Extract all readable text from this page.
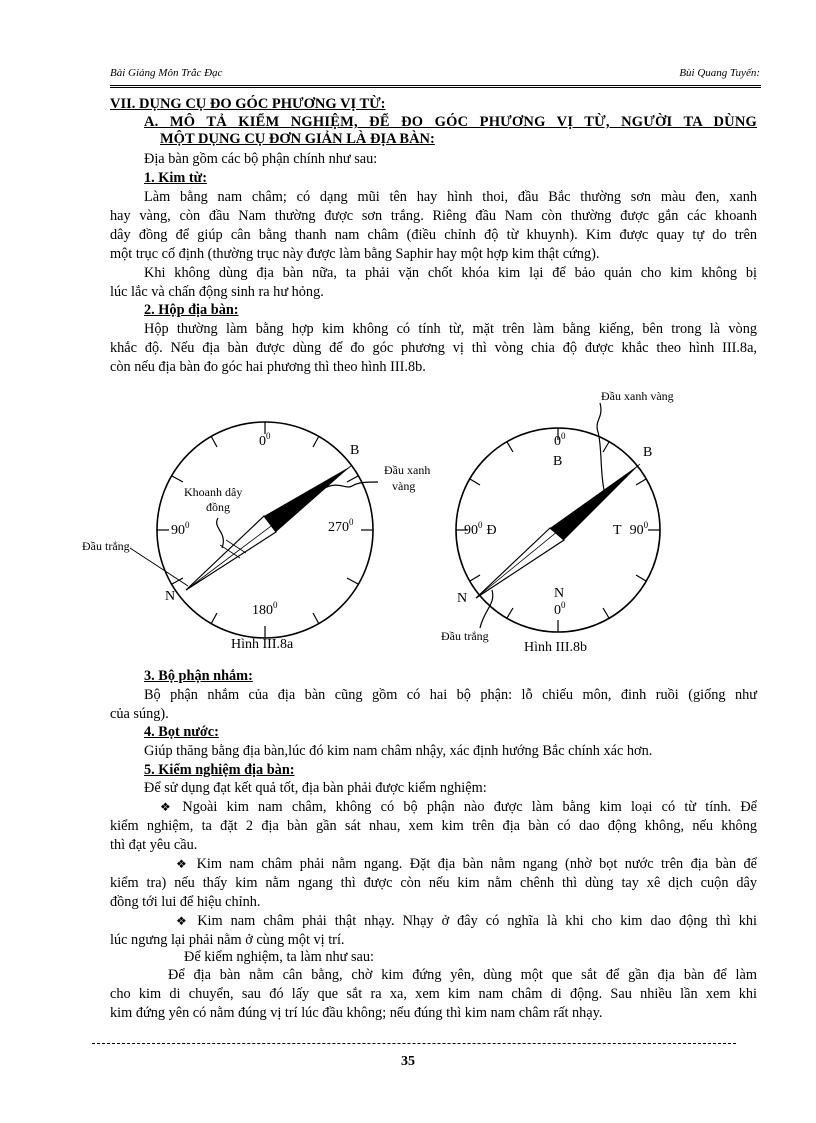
Bài Giảng Môn Trắc Đạc	Bùi Quang Tuyến:
VII. DỤNG CỤ ĐO GÓC PHƯƠNG VỊ TỪ:
A. MÔ TẢ KIỂM NGHIỆM, ĐỂ ĐO GÓC PHƯƠNG VỊ TỪ, NGƯỜI TA DÙNG
MỘT DỤNG CỤ ĐƠN GIẢN LÀ ĐỊA BÀN:
Địa bàn gồm các bộ phận chính như sau:
1. Kim từ:
Làm bằng nam châm; có dạng mũi tên hay hình thoi, đầu Bắc thường sơn màu đen, xanh
hay vàng, còn đầu Nam thường được sơn trắng. Riêng đầu Nam còn thường được gắn các khoanh
dây đồng để giúp cân bằng thanh nam châm (điều chỉnh độ từ khuynh). Kim được quay tự do trên
một trục cố định (thường trục này được làm bằng Saphir hay một hợp kim thật cứng).
Khi không dùng địa bàn nữa, ta phải vặn chốt khóa kim lại để bảo quản cho kim không bị
lúc lắc và chấn động sinh ra hư hỏng.
2. Hộp địa bàn:
Hộp thường làm bằng hợp kim không có tính từ, mặt trên làm bằng kiếng, bên trong là vòng
khắc độ. Nếu địa bàn được dùng để đo góc phương vị thì vòng chia độ được khắc theo hình III.8a,
còn nếu địa bàn đo góc hai phương thì theo hình III.8b.
$0^0$
$90^0$	$270^0$
$180^0$
B
N
Khoanh dây
đồng
Đầu xanh
vàng
Đầu trắng
Hình III.8a
$0^0$
B
$90^0$ Đ	T $90^0$
N
$0^0$
B
N
Đầu xanh vàng
Đầu trắng
Hình III.8b
3. Bộ phận nhắm:
Bộ phận nhắm của địa bàn cũng gồm có hai bộ phận: lỗ chiếu môn, đinh ruồi (giống như
của súng).
4. Bọt nước:
Giúp thăng bằng địa bàn,lúc đó kim nam châm nhậy, xác định hướng Bắc chính xác hơn.
5. Kiểm nghiệm địa bàn:
Để sử dụng đạt kết quả tốt, địa bàn phải được kiểm nghiệm:
❖ Ngoài kim nam châm, không có bộ phận nào được làm bằng kim loại có từ tính. Để
kiểm nghiệm, ta đặt 2 địa bàn gần sát nhau, xem kim trên địa bàn có dao động không, nếu không
thì đạt yêu cầu.
❖ Kim nam châm phải nằm ngang. Đặt địa bàn nằm ngang (nhờ bọt nước trên địa bàn để
kiểm tra) nếu thấy kim nằm ngang thì được còn nếu kim nằm chênh thì dùng tay xê dịch cuộn dây
đồng tới lui để hiệu chỉnh.
❖ Kim nam châm phải thật nhạy. Nhạy ở đây có nghĩa là khi cho kim dao động thì khi
lúc ngưng lại phải nằm ở cùng một vị trí.
Để kiểm nghiệm, ta làm như sau:
Để địa bàn nằm cân bằng, chờ kim đứng yên, dùng một que sắt để gần địa bàn để làm
cho kim di chuyển, sau đó lấy que sắt ra xa, xem kim nam châm di động. Sau nhiều lần xem khi
kim đứng yên có nằm đúng vị trí lúc đầu không; nếu đúng thì kim nam châm rất nhạy.
35
